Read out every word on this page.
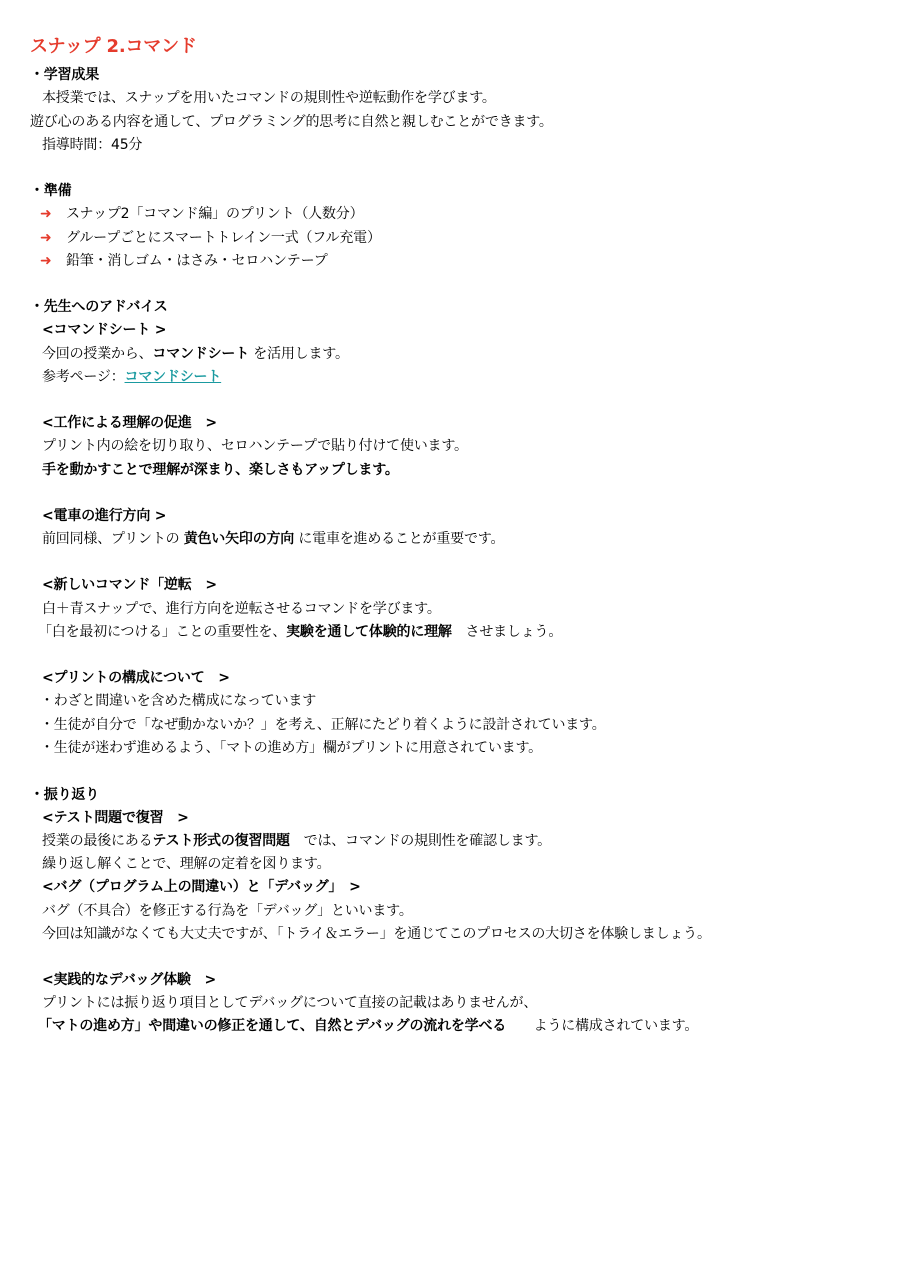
スナップ 2.コマンド
・学習成果
本授業では、スナップを用いたコマンドの規則性や逆転動作を学びます。
遊び心のある内容を通して、プログラミング的思考に自然と親しむことができます。
指導時間：45分
・準備
➜ スナップ2「コマンド編」のプリント（人数分）
➜ グループごとにスマートトレイン一式（フル充電）
➜ 鉛筆・消しゴム・はさみ・セロハンテープ
・先生へのアドバイス
<コマンドシート >
今回の授業から、コマンドシート を活用します。
参考ページ：コマンドシート
<工作による理解の促進　>
プリント内の絵を切り取り、セロハンテープで貼り付けて使います。
手を動かすことで理解が深まり、楽しさもアップします。
<電車の進行方向 >
前回同様、プリントの 黄色い矢印の方向 に電車を進めることが重要です。
<新しいコマンド「逆転　>
白＋青スナップで、進行方向を逆転させるコマンドを学びます。
「白を最初につける」ことの重要性を、実験を通して体験的に理解　させましょう。
<プリントの構成について　>
・わざと間違いを含めた構成になっています
・生徒が自分で「なぜ動かないか？」を考え、正解にたどり着くように設計されています。
・生徒が迷わず進めるよう、「マトの進め方」欄がプリントに用意されています。
・振り返り
<テスト問題で復習　>
授業の最後にあるテスト形式の復習問題　では、コマンドの規則性を確認します。
繰り返し解くことで、理解の定着を図ります。
<バグ（プログラム上の間違い）と「デバッグ」　>
バグ（不具合）を修正する行為を「デバッグ」といいます。
今回は知識がなくても大丈夫ですが、「トライ＆エラー」を通じてこのプロセスの大切さを体験しましょう。
<実践的なデバッグ体験　>
プリントには振り返り項目としてデバッグについて直接の記載はありませんが、
「マトの進め方」や間違いの修正を通して、自然とデバッグの流れを学べる　　ように構成されています。
